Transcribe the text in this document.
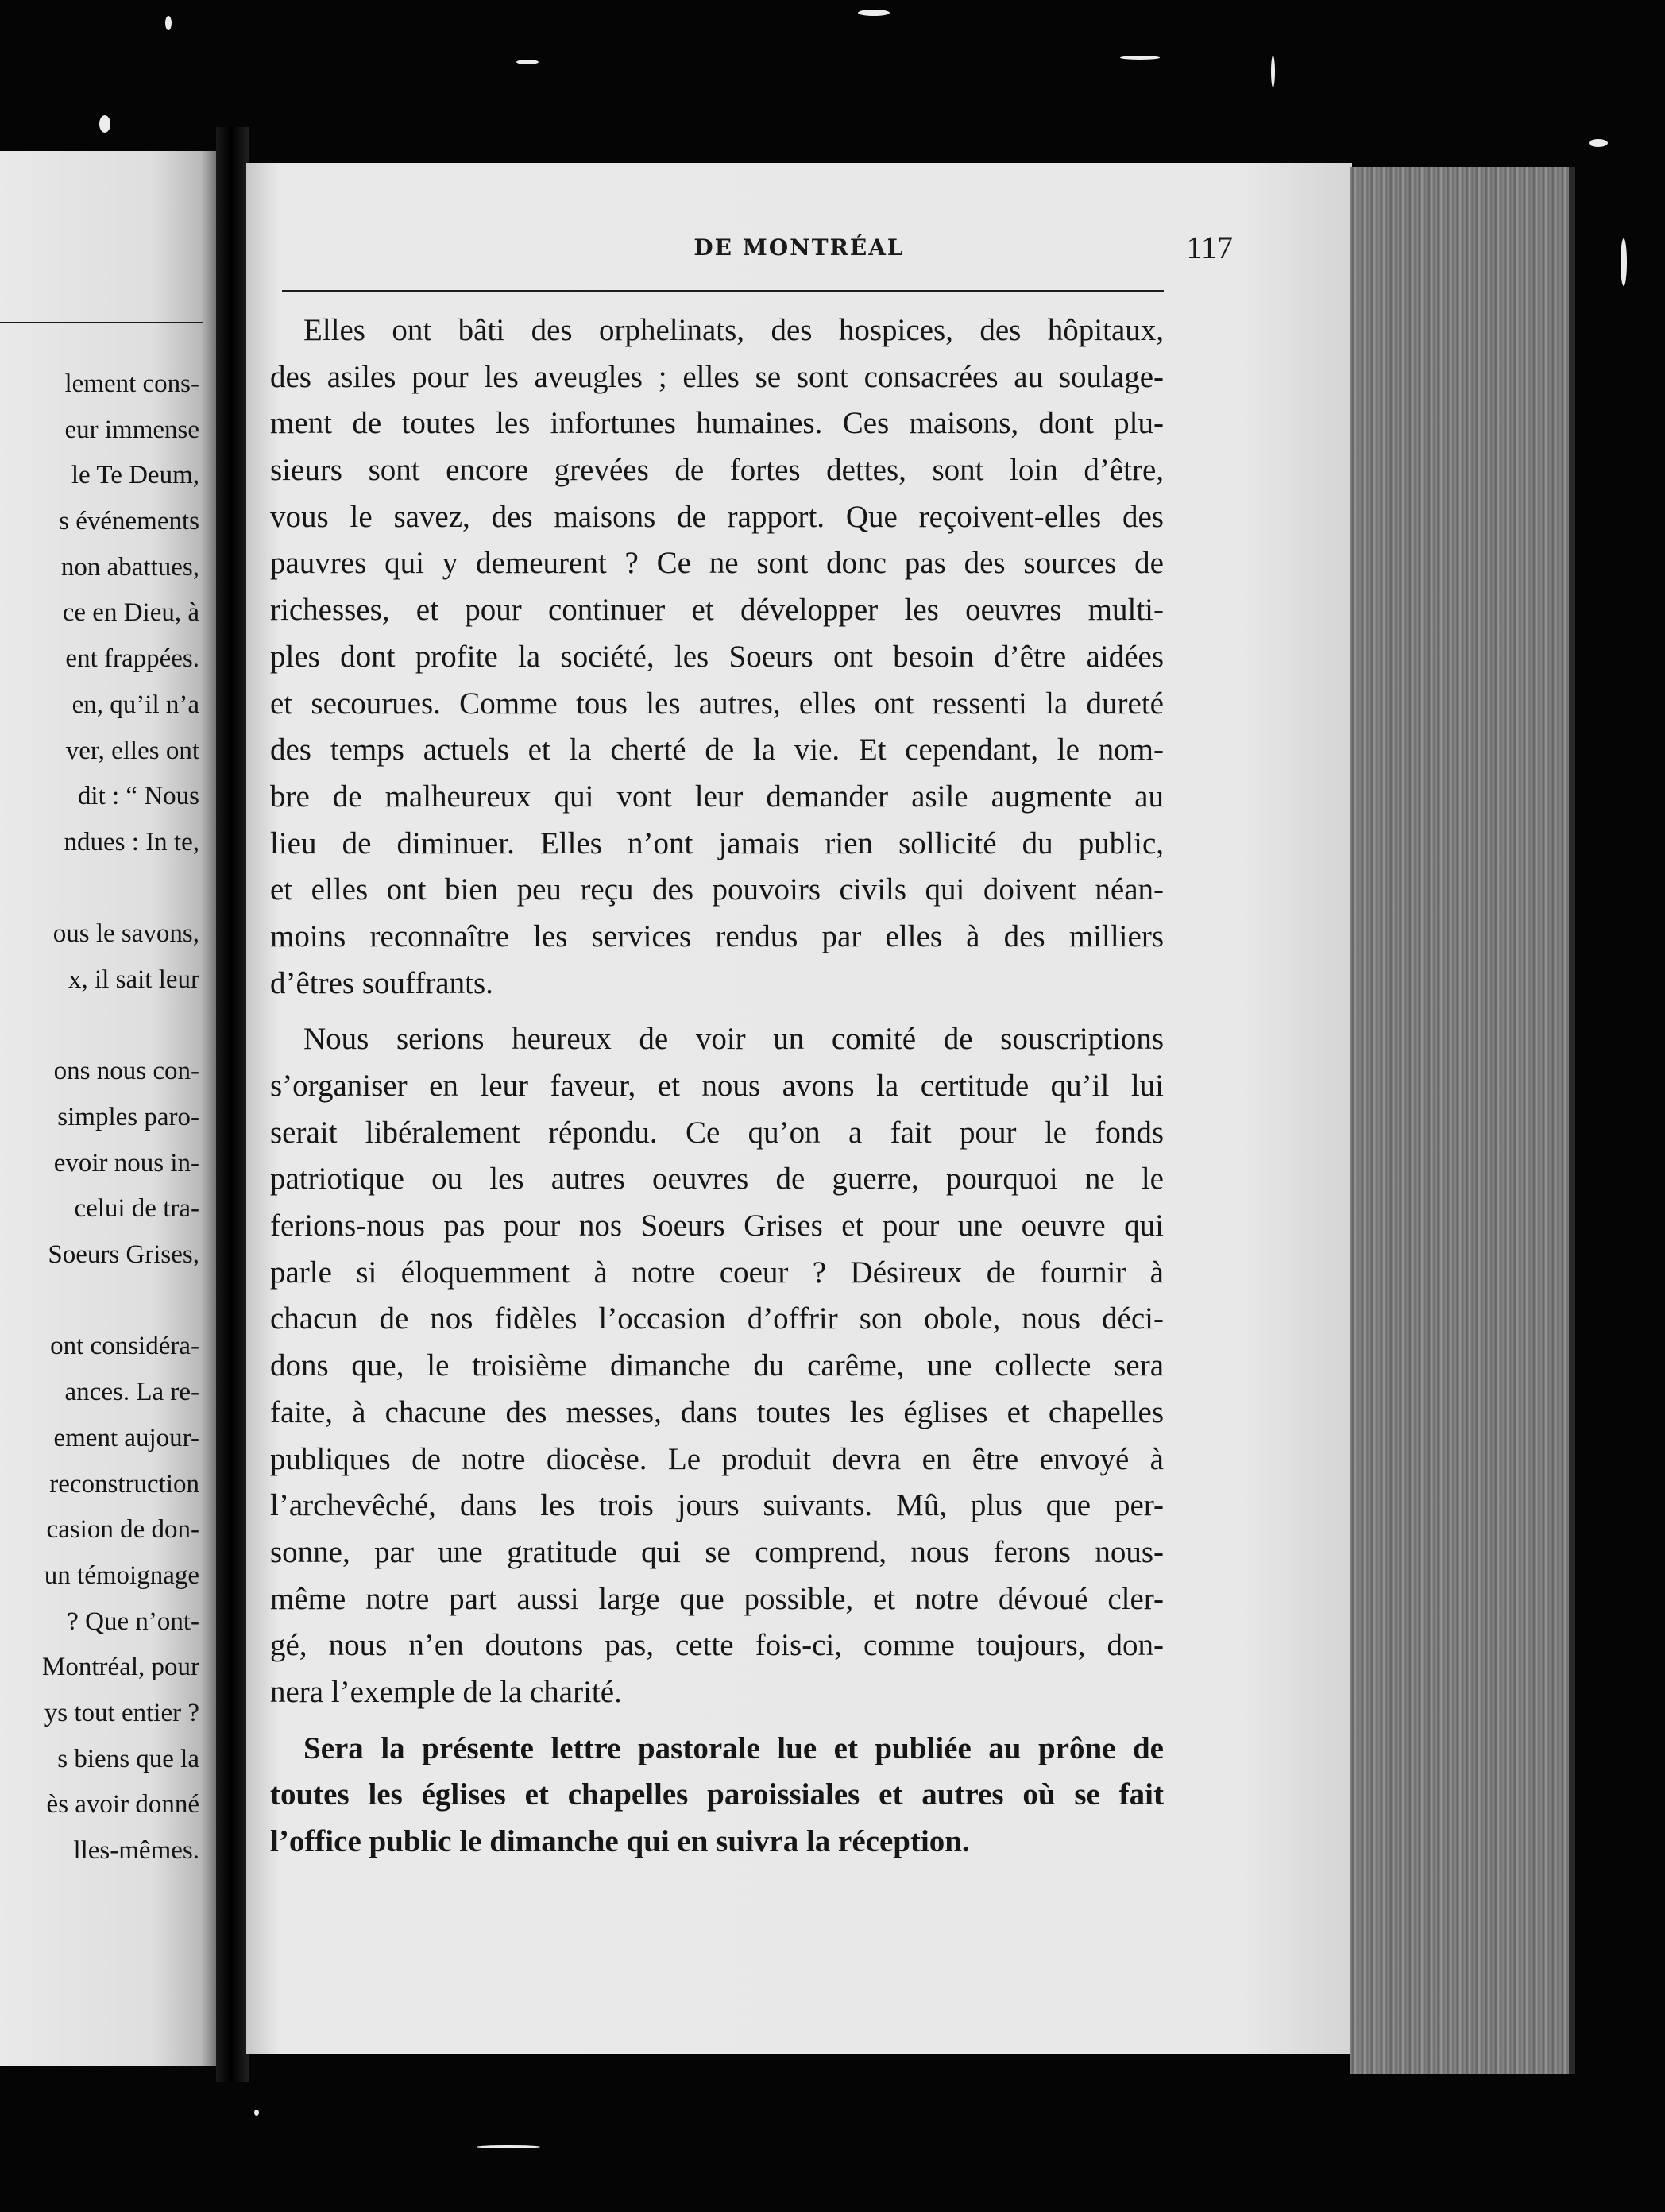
lement cons-
eur immense
le Te Deum,
s événements
non abattues,
ce en Dieu, à
ent frappées.
en, qu’il n’a
ver, elles ont
dit : “ Nous
ndues : In te,
ous le savons,
x, il sait leur
ons nous con-
simples paro-
evoir nous in-
celui de tra-
Soeurs Grises,
ont considéra-
ances. La re-
ement aujour-
reconstruction
casion de don-
un témoignage
? Que n’ont-
Montréal, pour
ys tout entier ?
s biens que la
ès avoir donné
lles-mêmes.
DE MONTRÉAL	117
Elles ont bâti des orphelinats, des hospices, des hôpitaux,
des asiles pour les aveugles ; elles se sont consacrées au soulage-
ment de toutes les infortunes humaines. Ces maisons, dont plu-
sieurs sont encore grevées de fortes dettes, sont loin d’être,
vous le savez, des maisons de rapport. Que reçoivent-elles des
pauvres qui y demeurent ? Ce ne sont donc pas des sources de
richesses, et pour continuer et développer les oeuvres multi-
ples dont profite la société, les Soeurs ont besoin d’être aidées
et secourues. Comme tous les autres, elles ont ressenti la dureté
des temps actuels et la cherté de la vie. Et cependant, le nom-
bre de malheureux qui vont leur demander asile augmente au
lieu de diminuer. Elles n’ont jamais rien sollicité du public,
et elles ont bien peu reçu des pouvoirs civils qui doivent néan-
moins reconnaître les services rendus par elles à des milliers
d’êtres souffrants.
Nous serions heureux de voir un comité de souscriptions
s’organiser en leur faveur, et nous avons la certitude qu’il lui
serait libéralement répondu. Ce qu’on a fait pour le fonds
patriotique ou les autres oeuvres de guerre, pourquoi ne le
ferions-nous pas pour nos Soeurs Grises et pour une oeuvre qui
parle si éloquemment à notre coeur ? Désireux de fournir à
chacun de nos fidèles l’occasion d’offrir son obole, nous déci-
dons que, le troisième dimanche du carême, une collecte sera
faite, à chacune des messes, dans toutes les églises et chapelles
publiques de notre diocèse. Le produit devra en être envoyé à
l’archevêché, dans les trois jours suivants. Mû, plus que per-
sonne, par une gratitude qui se comprend, nous ferons nous-
même notre part aussi large que possible, et notre dévoué cler-
gé, nous n’en doutons pas, cette fois-ci, comme toujours, don-
nera l’exemple de la charité.
Sera la présente lettre pastorale lue et publiée au prône de
toutes les églises et chapelles paroissiales et autres où se fait
l’office public le dimanche qui en suivra la réception.
